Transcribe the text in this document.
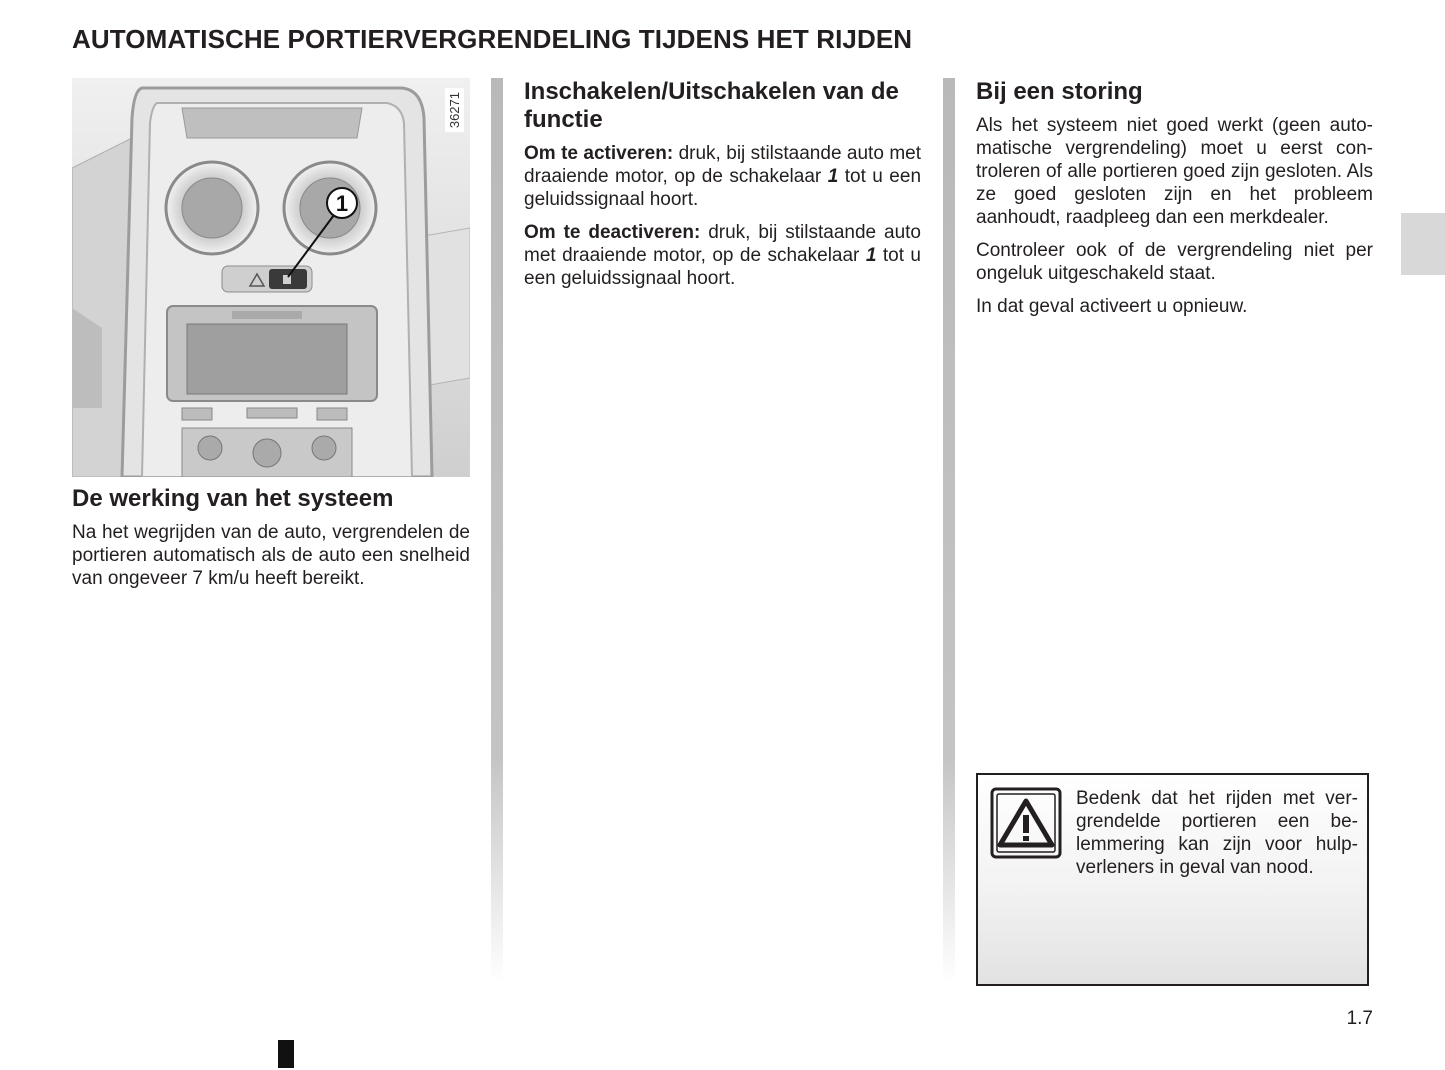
AUTOMATISCHE PORTIERVERGRENDELING TIJDENS HET RIJDEN
1
36271
De werking van het systeem

Na het wegrijden van de auto, vergrendelen de portieren automatisch als de auto een snelheid van ongeveer 7 km/u heeft bereikt.

Inschakelen/Uitschakelen van de functie

Om te activeren: druk, bij stilstaande auto met draaiende motor, op de schakelaar 1 tot u een geluidssignaal hoort.

Om te deactiveren: druk, bij stilstaande auto met draaiende motor, op de schakelaar 1 tot u een geluidssignaal hoort.

Bij een storing

Als het systeem niet goed werkt (geen automatische vergrendeling) moet u eerst controleren of alle portieren goed zijn gesloten. Als ze goed gesloten zijn en het probleem aanhoudt, raadpleeg dan een merkdealer.

Controleer ook of de vergrendeling niet per ongeluk uitgeschakeld staat.

In dat geval activeert u opnieuw.

Bedenk dat het rijden met vergrendelde portieren een belemmering kan zijn voor hulpverleners in geval van nood.
1.7
